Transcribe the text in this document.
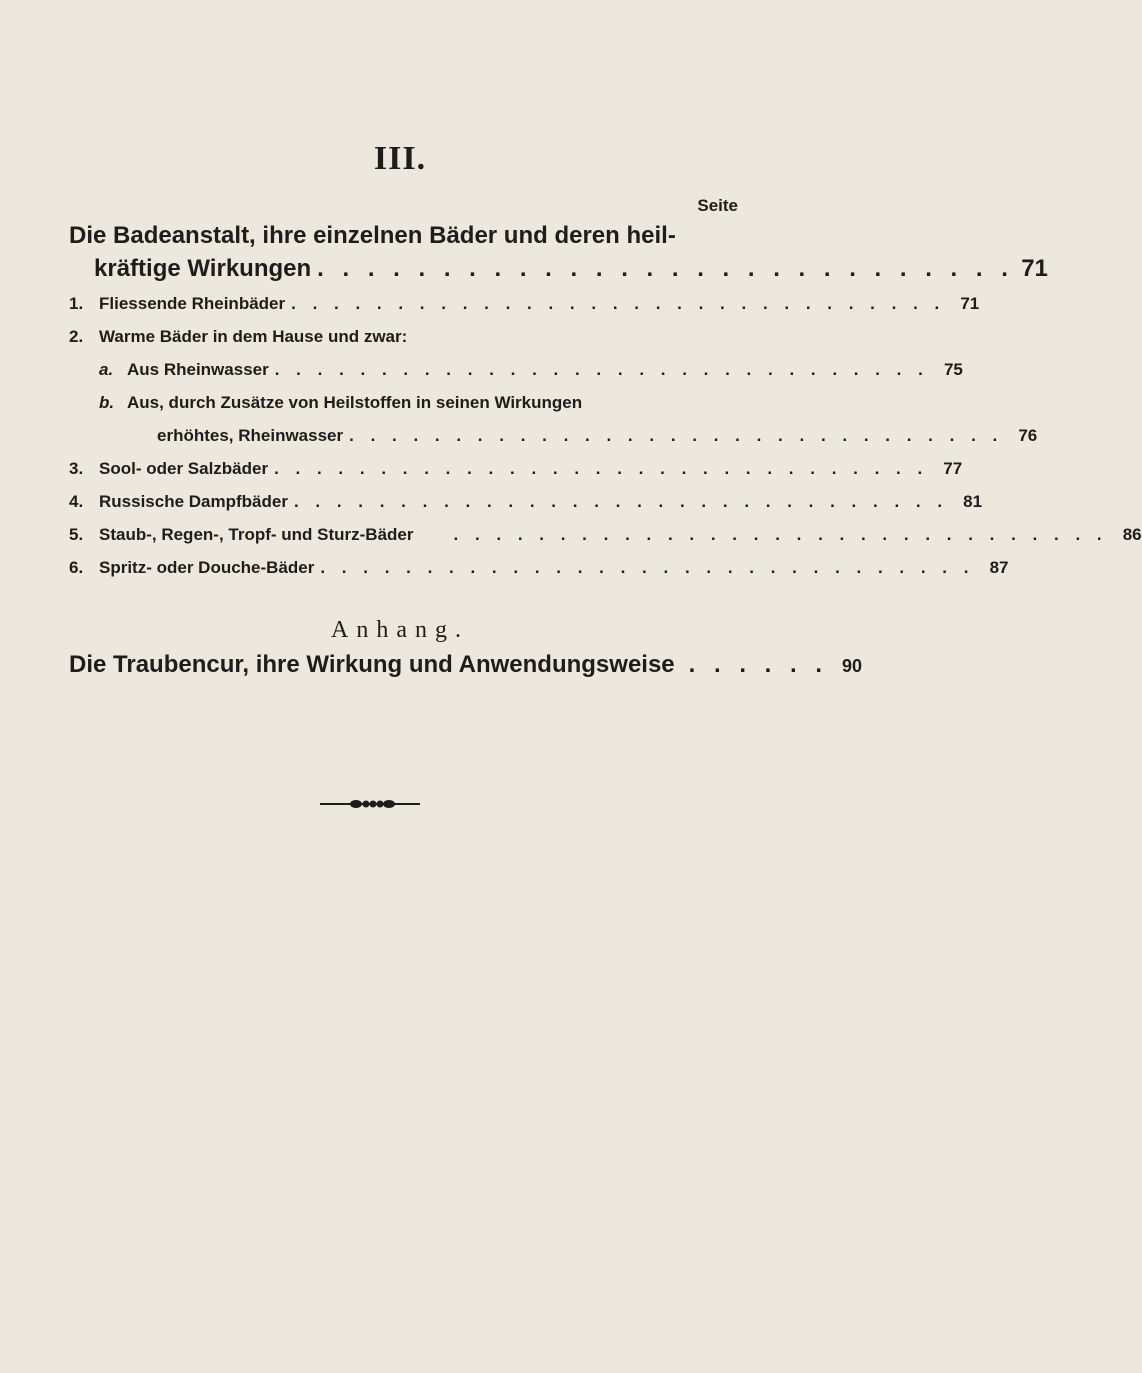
III.
Seite
Die Badeanstalt, ihre einzelnen Bäder und deren heil-
kräftige Wirkungen . . . . . . . . . . . . . . . . . . . . . . . . . . . . 71
1. Fliessende Rheinbäder . . . . . . . . . . . . . . . . . . . . . . . . . . . . . . . 71
2. Warme Bäder in dem Hause und zwar:
a. Aus Rheinwasser . . . . . . . . . . . . . . . . . . . . . . . . . . . . . . . 75
b. Aus, durch Zusätze von Heilstoffen in seinen Wirkungen
erhöhtes, Rheinwasser . . . . . . . . . . . . . . . . . . . . . . . . . . . . . . . 76
3. Sool- oder Salzbäder . . . . . . . . . . . . . . . . . . . . . . . . . . . . . . . 77
4. Russische Dampfbäder . . . . . . . . . . . . . . . . . . . . . . . . . . . . . . . 81
5. Staub-, Regen-, Tropf- und Sturz-Bäder	. . . . . . . . . . . . . . . . . . . . . . . . . . . . . . . 86
6. Spritz- oder Douche-Bäder . . . . . . . . . . . . . . . . . . . . . . . . . . . . . . . 87
Anhang.
Die Traubencur, ihre Wirkung und Anwendungsweise . . . . . . 90
